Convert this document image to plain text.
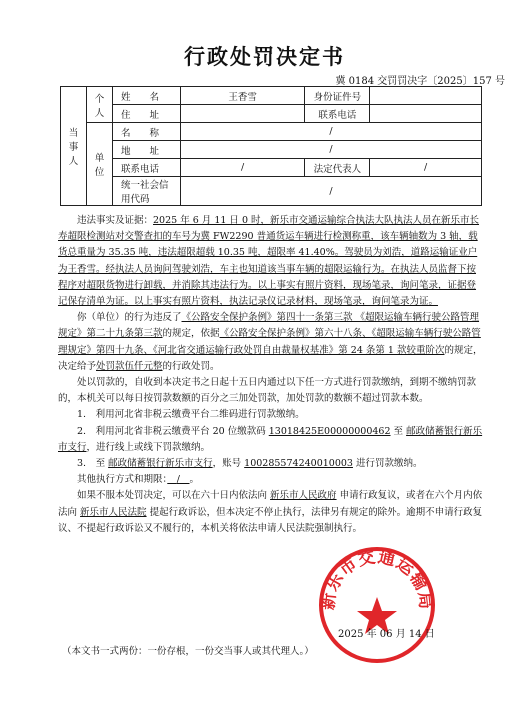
行政处罚决定书
冀 0184 交罚罚决字〔2025〕157 号
当事人	个人	姓　　名	王香雪	身份证件号	
		住　　址		联系电话	

	单位	名　　称	/		
		地　　址	/		
		联系电话	/	法定代表人	/
		统一社会信用代码	/		

违法事实及证据：2025 年 6 月 11 日 0 时，新乐市交通运输综合执法大队执法人员在新乐市长寿超限检测站对交警查扣的车号为冀 FW2290 普通货运车辆进行检测称重，该车辆轴数为 3 轴，载货总重量为 35.35 吨，违法超限超载 10.35 吨，超限率 41.40%。驾驶员为刘浩，道路运输证业户为王香雪。经执法人员询问驾驶刘浩，车主也知道该当事车辆的超限运输行为。在执法人员监督下按程序对超限货物进行卸载，并消除其违法行为。以上事实有照片资料，现场笔录，询问笔录，证据登记保存清单为证。以上事实有照片资料，执法记录仪记录材料，现场笔录，询问笔录为证。

你（单位）的行为违反了《公路安全保护条例》第四十一条第三款 《超限运输车辆行驶公路管理规定》第二十九条第三款的规定，依据《公路安全保护条例》第六十八条、《超限运输车辆行驶公路管理规定》第四十九条、《河北省交通运输行政处罚自由裁量权基准》第 24 条第 1 款较重阶次的规定，决定给予处罚款伍仟元整的行政处罚。

处以罚款的，自收到本决定书之日起十五日内通过以下任一方式进行罚款缴纳，到期不缴纳罚款的，本机关可以每日按罚款数额的百分之三加处罚款，加处罚款的数额不超过罚款本数。

1.　利用河北省非税云缴费平台二维码进行罚款缴纳。

2.　利用河北省非税云缴费平台 20 位缴款码 13018425E00000000462 至 邮政储蓄银行新乐市支行，进行线上或线下罚款缴纳。

3.　至 邮政储蓄银行新乐市支行，账号 100285574240010003 进行罚款缴纳。

其他执行方式和期限：　 /　 。

如果不服本处罚决定，可以在六十日内依法向 新乐市人民政府 申请行政复议，或者在六个月内依法向 新乐市人民法院 提起行政诉讼，但本决定不停止执行，法律另有规定的除外。逾期不申请行政复议、不提起行政诉讼又不履行的，本机关将依法申请人民法院强制执行。

新乐市交通运输局
2025 年 06 月 14 日
（本文书一式两份：一份存根，一份交当事人或其代理人。）
